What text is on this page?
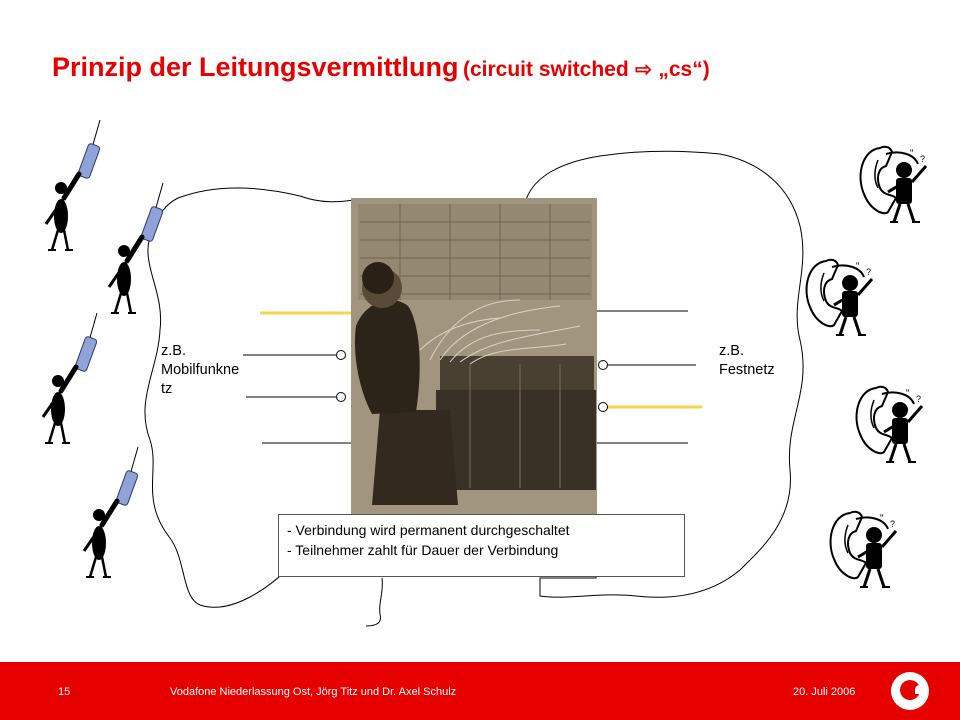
Prinzip der Leitungsvermittlung (circuit switched ⇨ „cs“)
“ ?
z.B.
Mobilfunkne
tz
z.B.
Festnetz
- Verbindung wird permanent durchgeschaltet
- Teilnehmer zahlt für Dauer der Verbindung
15	Vodafone Niederlassung Ost, Jörg Titz und Dr. Axel Schulz	20. Juli 2006
